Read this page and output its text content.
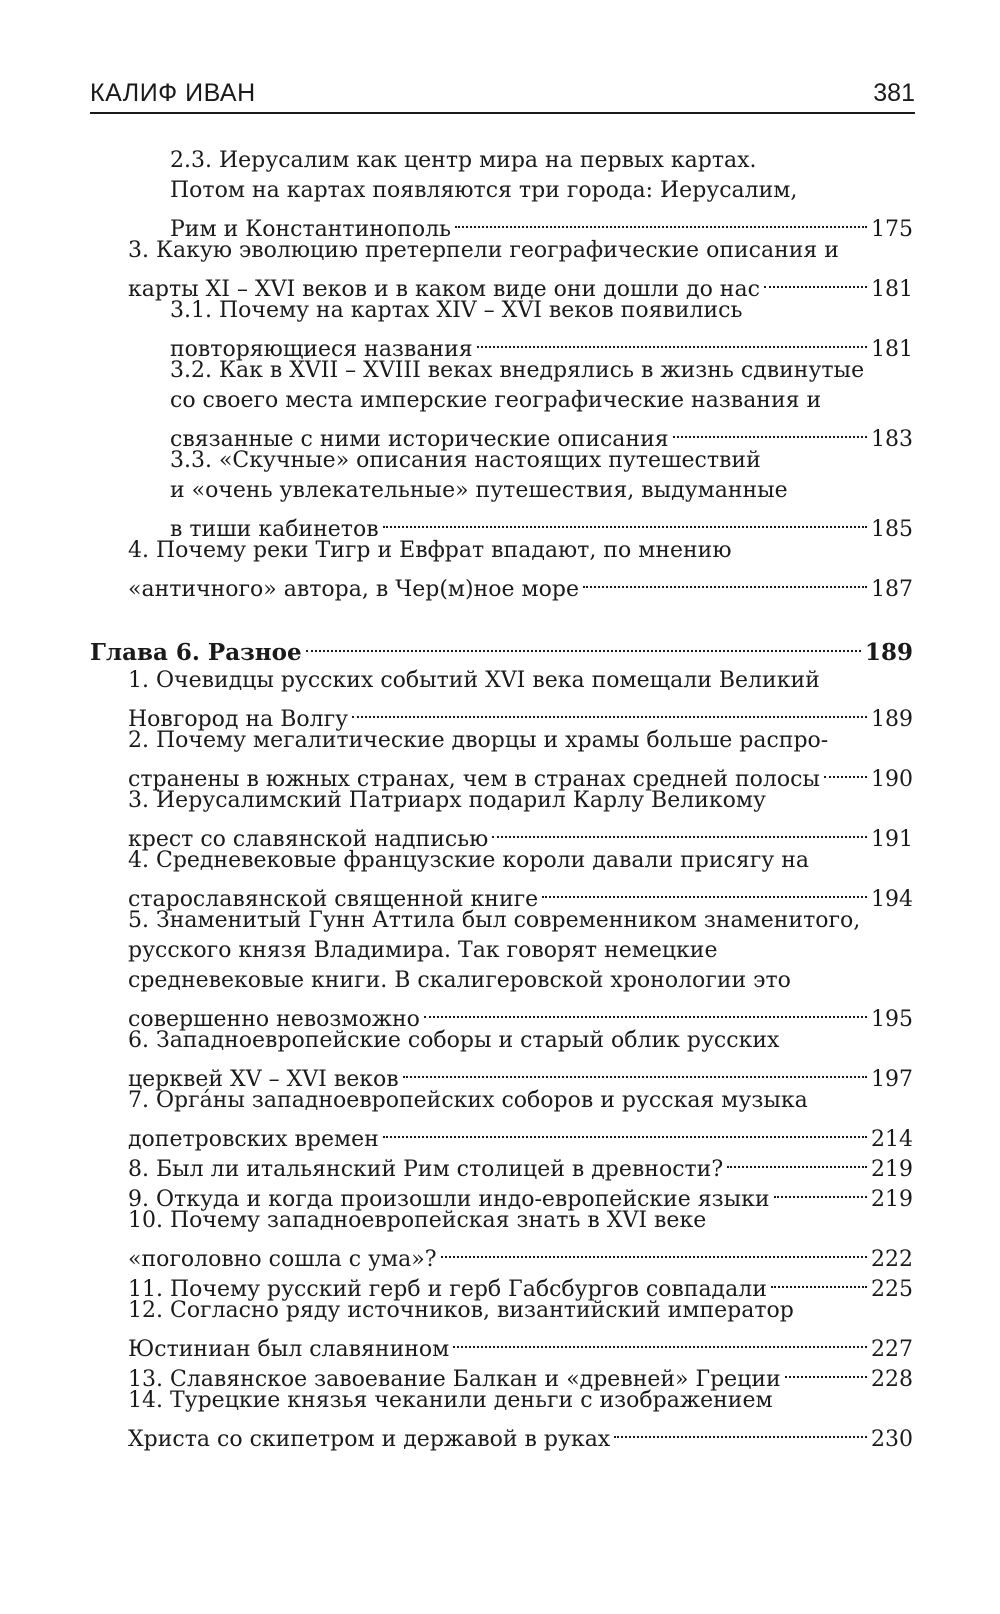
КАЛИФ ИВАН	381
2.3. Иерусалим как центр мира на первых картах.
Потом на картах появляются три города: Иерусалим,
Рим и Константинополь	175
3. Какую эволюцию претерпели географические описания и
карты XI – XVI веков и в каком виде они дошли до нас	181
3.1. Почему на картах XIV – XVI веков появились
повторяющиеся названия	181
3.2. Как в XVII – XVIII веках внедрялись в жизнь сдвинутые
со своего места имперские географические названия и
связанные с ними исторические описания	183
3.3. «Скучные» описания настоящих путешествий
и «очень увлекательные» путешествия, выдуманные
в тиши кабинетов	185
4. Почему реки Тигр и Евфрат впадают, по мнению
«античного» автора, в Чер(м)ное море	187
Глава 6. Разное	189
1. Очевидцы русских событий XVI века помещали Великий
Новгород на Волгу	189
2. Почему мегалитические дворцы и храмы больше распро-
странены в южных странах, чем в странах средней полосы 190
3. Иерусалимский Патриарх подарил Карлу Великому
крест со славянской надписью	191
4. Средневековые французские короли давали присягу на
старославянской священной книге	194
5. Знаменитый Гунн Аттила был современником знаменитого,
русского князя Владимира. Так говорят немецкие
средневековые книги. В скалигеровской хронологии это
совершенно невозможно	195
6. Западноевропейские соборы и старый облик русских
церквей XV – XVI веков	197
7. Орга́ны западноевропейских соборов и русская музыка
допетровских времен	214
8. Был ли итальянский Рим столицей в древности?	219
9. Откуда и когда произошли индо-европейские языки	219
10. Почему западноевропейская знать в XVI веке
«поголовно сошла с ума»?	222
11. Почему русский герб и герб Габсбургов совпадали	225
12. Согласно ряду источников, византийский император
Юстиниан был славянином	227
13. Славянское завоевание Балкан и «древней» Греции	228
14. Турецкие князья чеканили деньги с изображением
Христа со скипетром и державой в руках	230
